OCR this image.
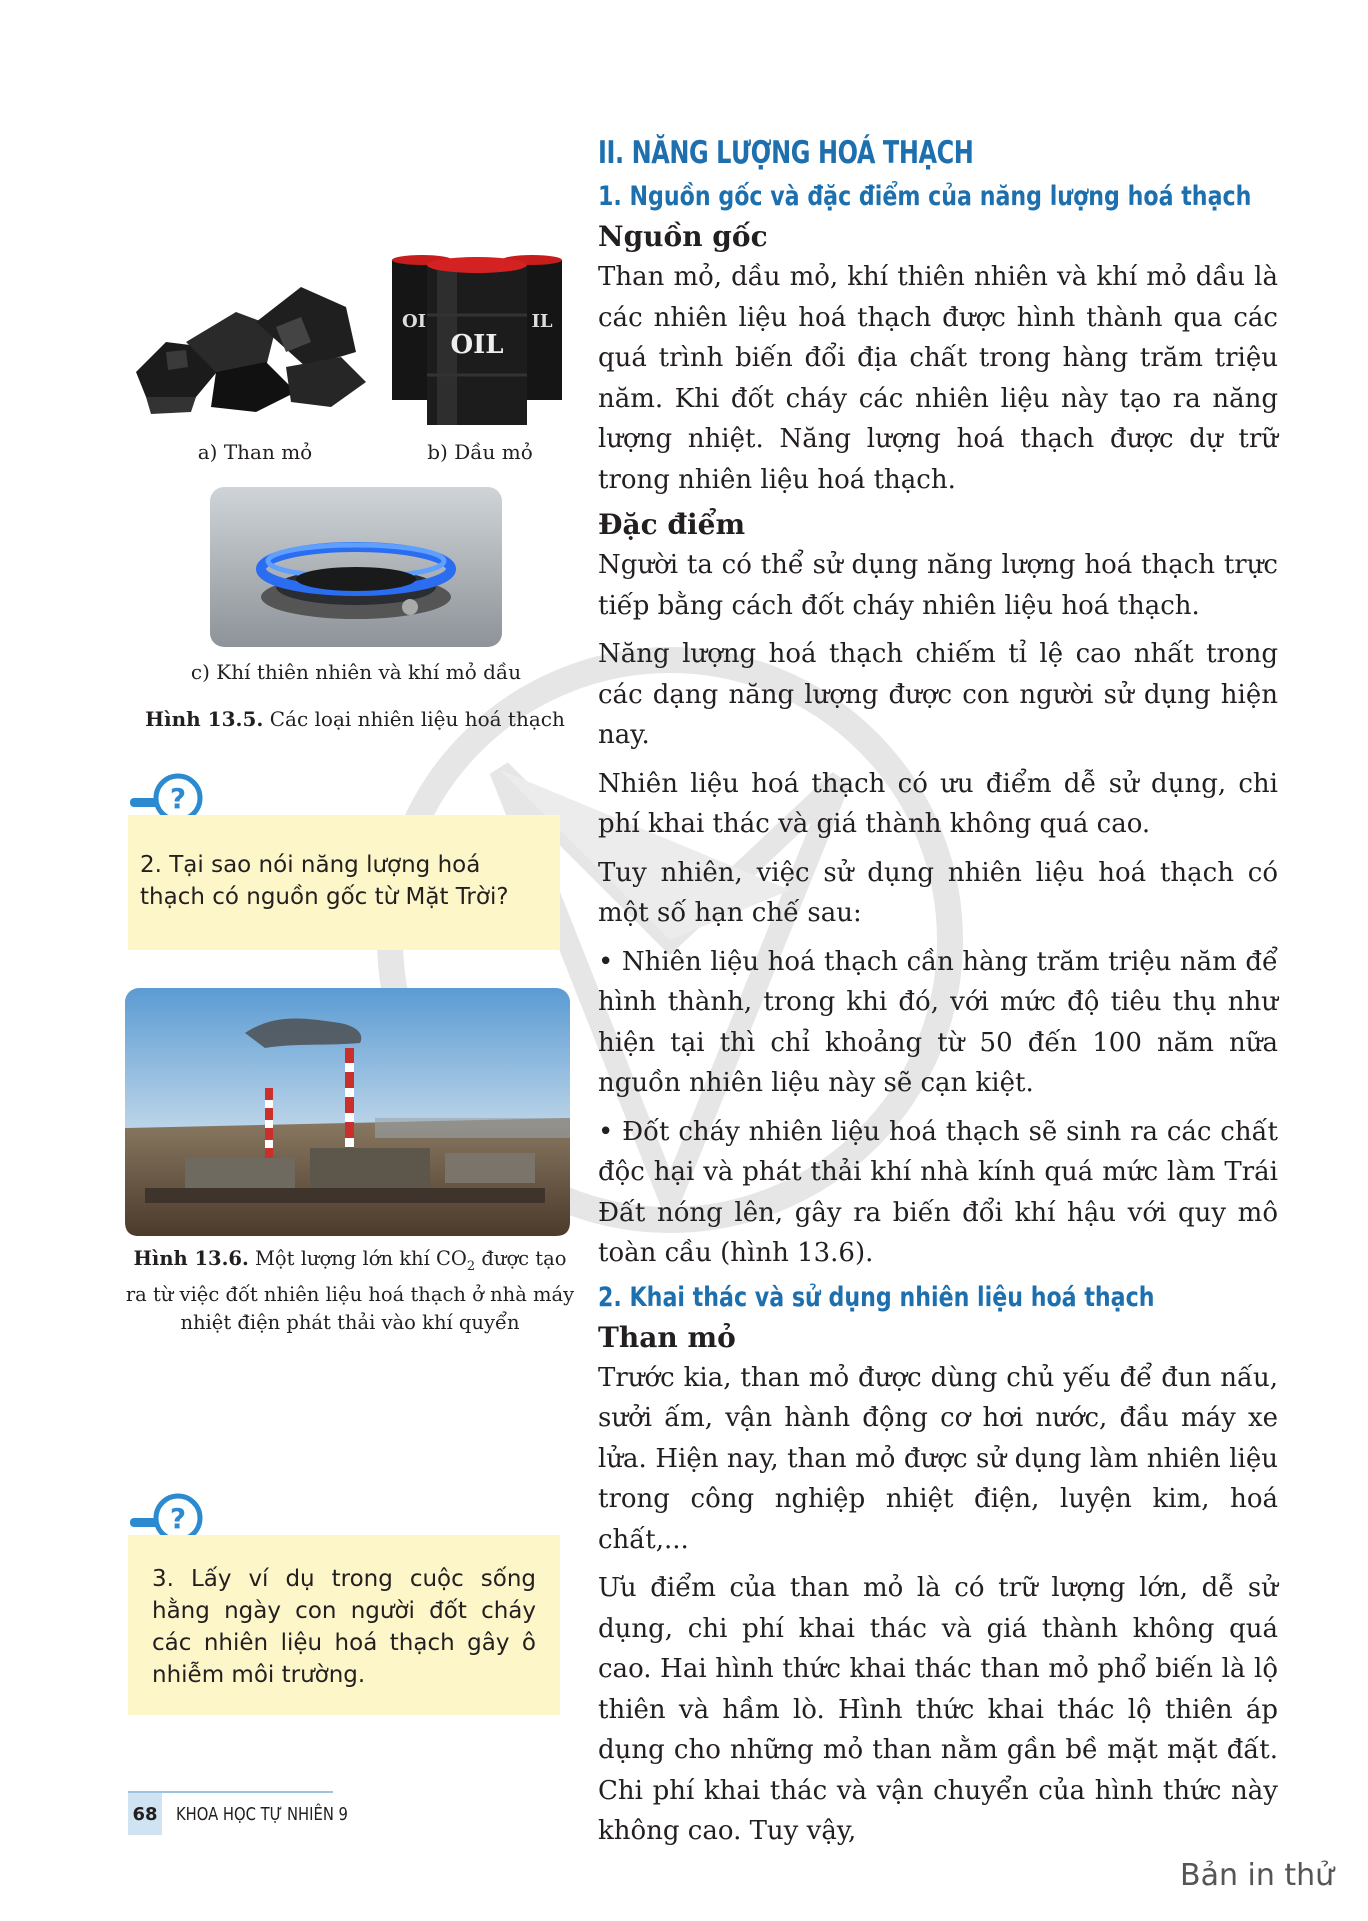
II. NĂNG LƯỢNG HOÁ THẠCH
1. Nguồn gốc và đặc điểm của năng lượng hoá thạch
Nguồn gốc

Than mỏ, dầu mỏ, khí thiên nhiên và khí mỏ dầu là các nhiên liệu hoá thạch được hình thành qua các quá trình biến đổi địa chất trong hàng trăm triệu năm. Khi đốt cháy các nhiên liệu này tạo ra năng lượng nhiệt. Năng lượng hoá thạch được dự trữ trong nhiên liệu hoá thạch.

Đặc điểm

Người ta có thể sử dụng năng lượng hoá thạch trực tiếp bằng cách đốt cháy nhiên liệu hoá thạch.

Năng lượng hoá thạch chiếm tỉ lệ cao nhất trong các dạng năng lượng được con người sử dụng hiện nay.

Nhiên liệu hoá thạch có ưu điểm dễ sử dụng, chi phí khai thác và giá thành không quá cao.

Tuy nhiên, việc sử dụng nhiên liệu hoá thạch có một số hạn chế sau:

• Nhiên liệu hoá thạch cần hàng trăm triệu năm để hình thành, trong khi đó, với mức độ tiêu thụ như hiện tại thì chỉ khoảng từ 50 đến 100 năm nữa nguồn nhiên liệu này sẽ cạn kiệt.

• Đốt cháy nhiên liệu hoá thạch sẽ sinh ra các chất độc hại và phát thải khí nhà kính quá mức làm Trái Đất nóng lên, gây ra biến đổi khí hậu với quy mô toàn cầu (hình 13.6).

2. Khai thác và sử dụng nhiên liệu hoá thạch
Than mỏ

Trước kia, than mỏ được dùng chủ yếu để đun nấu, sưởi ấm, vận hành động cơ hơi nước, đầu máy xe lửa. Hiện nay, than mỏ được sử dụng làm nhiên liệu trong công nghiệp nhiệt điện, luyện kim, hoá chất,...

Ưu điểm của than mỏ là có trữ lượng lớn, dễ sử dụng, chi phí khai thác và giá thành không quá cao. Hai hình thức khai thác than mỏ phổ biến là lộ thiên và hầm lò. Hình thức khai thác lộ thiên áp dụng cho những mỏ than nằm gần bề mặt mặt đất. Chi phí khai thác và vận chuyển của hình thức này không cao. Tuy vậy,

OIL
OI	IL
a) Than mỏ	b) Dầu mỏ
c) Khí thiên nhiên và khí mỏ dầu
Hình 13.5. Các loại nhiên liệu hoá thạch
?
2. Tại sao nói năng lượng hoá thạch có nguồn gốc từ Mặt Trời?
Hình 13.6. Một lượng lớn khí $CO_2$ được tạo ra từ việc đốt nhiên liệu hoá thạch ở nhà máy nhiệt điện phát thải vào khí quyển
?
3. Lấy ví dụ trong cuộc sống hằng ngày con người đốt cháy các nhiên liệu hoá thạch gây ô nhiễm môi trường.
68 KHOA HỌC TỰ NHIÊN 9
Bản in thử
